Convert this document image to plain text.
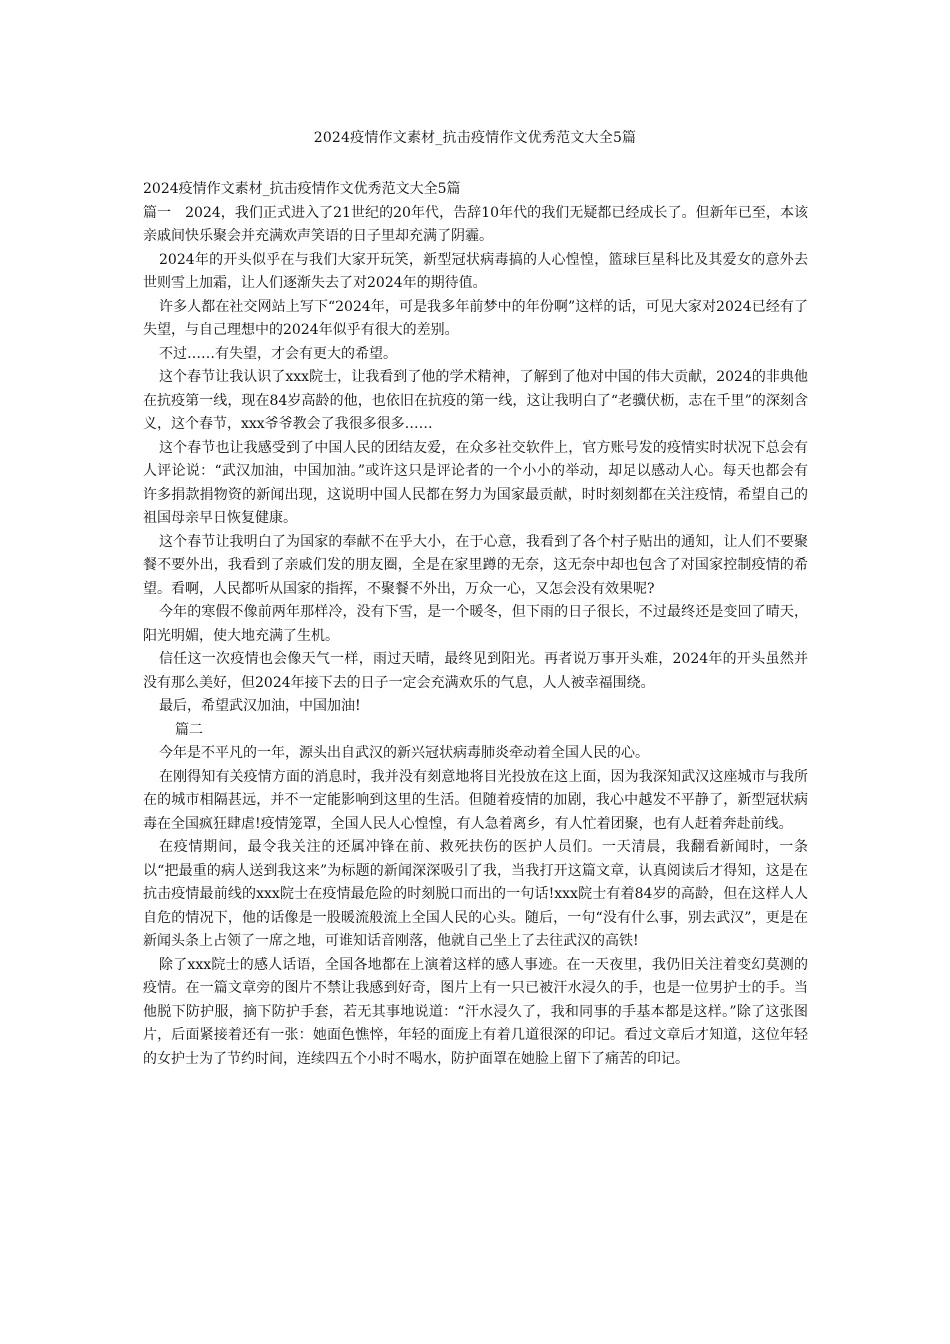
2024疫情作文素材_抗击疫情作文优秀范文大全5篇

2024疫情作文素材_抗击疫情作文优秀范文大全5篇

篇一　2024，我们正式进入了21世纪的20年代，告辞10年代的我们无疑都已经成长了。但新年已至，本该亲戚间快乐聚会并充满欢声笑语的日子里却充满了阴霾。

2024年的开头似乎在与我们大家开玩笑，新型冠状病毒搞的人心惶惶，篮球巨星科比及其爱女的意外去世则雪上加霜，让人们逐渐失去了对2024年的期待值。

许多人都在社交网站上写下“2024年，可是我多年前梦中的年份啊”这样的话，可见大家对2024已经有了失望，与自己理想中的2024年似乎有很大的差别。

不过……有失望，才会有更大的希望。

这个春节让我认识了xxx院士，让我看到了他的学术精神，了解到了他对中国的伟大贡献，2024的非典他在抗疫第一线，现在84岁高龄的他，也依旧在抗疫的第一线，这让我明白了“老骥伏枥，志在千里”的深刻含义，这个春节，xxx爷爷教会了我很多很多……

这个春节也让我感受到了中国人民的团结友爱，在众多社交软件上，官方账号发的疫情实时状况下总会有人评论说：“武汉加油，中国加油。”或许这只是评论者的一个小小的举动，却足以感动人心。每天也都会有许多捐款捐物资的新闻出现，这说明中国人民都在努力为国家最贡献，时时刻刻都在关注疫情，希望自己的祖国母亲早日恢复健康。

这个春节让我明白了为国家的奉献不在乎大小，在于心意，我看到了各个村子贴出的通知，让人们不要聚餐不要外出，我看到了亲戚们发的朋友圈，全是在家里蹲的无奈，这无奈中却也包含了对国家控制疫情的希望。看啊，人民都听从国家的指挥，不聚餐不外出，万众一心，又怎会没有效果呢?

今年的寒假不像前两年那样冷，没有下雪，是一个暖冬，但下雨的日子很长，不过最终还是变回了晴天，阳光明媚，使大地充满了生机。

信任这一次疫情也会像天气一样，雨过天晴，最终见到阳光。再者说万事开头难，2024年的开头虽然并没有那么美好，但2024年接下去的日子一定会充满欢乐的气息，人人被幸福围绕。

最后，希望武汉加油，中国加油!

篇二

今年是不平凡的一年，源头出自武汉的新兴冠状病毒肺炎牵动着全国人民的心。

在刚得知有关疫情方面的消息时，我并没有刻意地将目光投放在这上面，因为我深知武汉这座城市与我所在的城市相隔甚远，并不一定能影响到这里的生活。但随着疫情的加剧，我心中越发不平静了，新型冠状病毒在全国疯狂肆虐!疫情笼罩，全国人民人心惶惶，有人急着离乡，有人忙着团聚，也有人赶着奔赴前线。

在疫情期间，最令我关注的还属冲锋在前、救死扶伤的医护人员们。一天清晨，我翻看新闻时，一条以“把最重的病人送到我这来”为标题的新闻深深吸引了我，当我打开这篇文章，认真阅读后才得知，这是在抗击疫情最前线的xxx院士在疫情最危险的时刻脱口而出的一句话!xxx院士有着84岁的高龄，但在这样人人自危的情况下，他的话像是一股暖流般流上全国人民的心头。随后，一句“没有什么事，别去武汉”，更是在新闻头条上占领了一席之地，可谁知话音刚落，他就自己坐上了去往武汉的高铁!

除了xxx院士的感人话语，全国各地都在上演着这样的感人事迹。在一天夜里，我仍旧关注着变幻莫测的疫情。在一篇文章旁的图片不禁让我感到好奇，图片上有一只已被汗水浸久的手，也是一位男护士的手。当他脱下防护服，摘下防护手套，若无其事地说道：“汗水浸久了，我和同事的手基本都是这样。”除了这张图片，后面紧接着还有一张：她面色憔悴，年轻的面庞上有着几道很深的印记。看过文章后才知道，这位年轻的女护士为了节约时间，连续四五个小时不喝水，防护面罩在她脸上留下了痛苦的印记。
